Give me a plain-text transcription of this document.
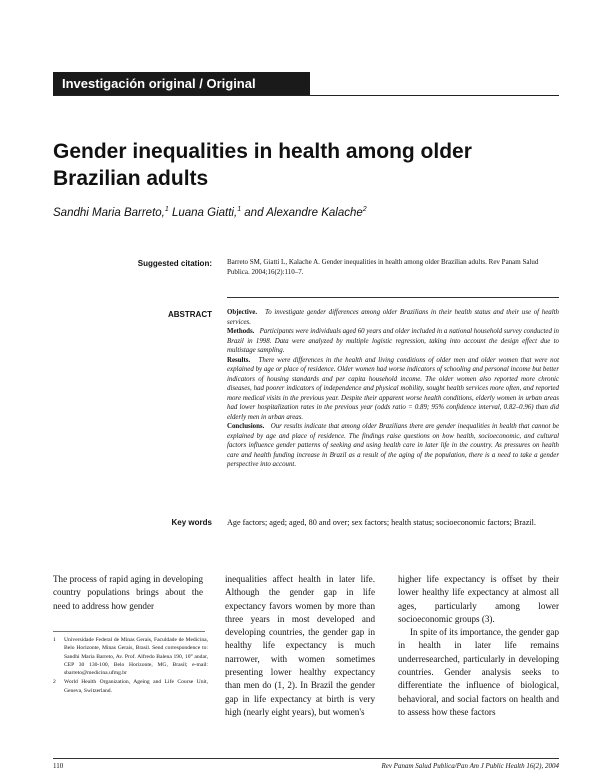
Investigación original / Original research
Gender inequalities in health among older Brazilian adults
Sandhi Maria Barreto,$^1$ Luana Giatti,$^1$ and Alexandre Kalache$^2$
Suggested citation: Barreto SM, Giatti L, Kalache A. Gender inequalities in health among older Brazilian adults. Rev Panam Salud Publica. 2004;16(2):110–7.
ABSTRACT Objective. To investigate gender differences among older Brazilians in their health status and their use of health services.

Methods. Participants were individuals aged 60 years and older included in a national household survey conducted in Brazil in 1998. Data were analyzed by multiple logistic regression, taking into account the design effect due to multistage sampling.

Results. There were differences in the health and living conditions of older men and older women that were not explained by age or place of residence. Older women had worse indicators of schooling and personal income but better indicators of housing standards and per capita household income. The older women also reported more chronic diseases, had poorer indicators of independence and physical mobility, sought health services more often, and reported more medical visits in the previous year. Despite their apparent worse health conditions, elderly women in urban areas had lower hospitalization rates in the previous year (odds ratio = 0.89; 95% confidence interval, 0.82–0.96) than did elderly men in urban areas.

Conclusions. Our results indicate that among older Brazilians there are gender inequalities in health that cannot be explained by age and place of residence. The findings raise questions on how health, socioeconomic, and cultural factors influence gender patterns of seeking and using health care in later life in the country. As pressures on health care and health funding increase in Brazil as a result of the aging of the population, there is a need to take a gender perspective into account.

Key words Age factors; aged; aged, 80 and over; sex factors; health status; socioeconomic factors; Brazil.
The process of rapid aging in developing country populations brings about the need to address how gender
inequalities affect health in later life. Although the gender gap in life expectancy favors women by more than three years in most developed and developing countries, the gender gap in healthy life expectancy is much narrower, with women sometimes presenting lower healthy expectancy than men do (1, 2). In Brazil the gender gap in life expectancy at birth is very high (nearly eight years), but women's
higher life expectancy is offset by their lower healthy life expectancy at almost all ages, particularly among lower socioeconomic groups (3).
In spite of its importance, the gender gap in health in later life remains underresearched, particularly in developing countries. Gender analysis seeks to differentiate the influence of biological, behavioral, and social factors on health and to assess how these factors
1 Universidade Federal de Minas Gerais, Faculdade de Medicina, Belo Horizonte, Minas Gerais, Brasil. Send correspondence to: Sandhi Maria Barreto, Av. Prof. Alfredo Balena 190, 10° andar, CEP 30 130-100, Belo Horizonte, MG, Brasil; e-mail: sbarreto@medicina.ufmg.br
2 World Health Organization, Ageing and Life Course Unit, Geneva, Switzerland.
110	Rev Panam Salud Publica/Pan Am J Public Health 16(2), 2004
